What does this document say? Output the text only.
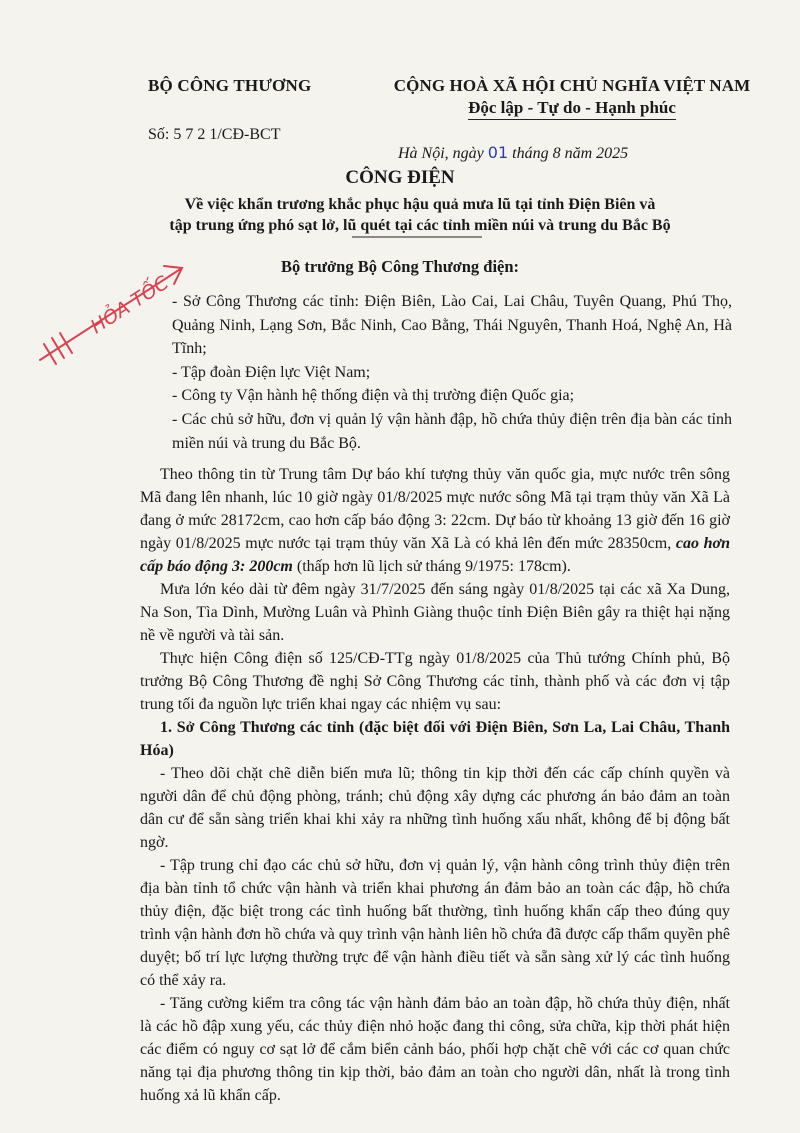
BỘ CÔNG THƯƠNG
Số: 5 7 2 1/CĐ-BCT
CỘNG HOÀ XÃ HỘI CHỦ NGHĨA VIỆT NAM
Độc lập - Tự do - Hạnh phúc
Hà Nội, ngày 01 tháng 8 năm 2025
CÔNG ĐIỆN
Về việc khẩn trương khắc phục hậu quả mưa lũ tại tỉnh Điện Biên và
tập trung ứng phó sạt lở, lũ quét tại các tỉnh miền núi và trung du Bắc Bộ
HỎA TỐC
Bộ trưởng Bộ Công Thương điện:

- Sở Công Thương các tỉnh: Điện Biên, Lào Cai, Lai Châu, Tuyên Quang, Phú Thọ, Quảng Ninh, Lạng Sơn, Bắc Ninh, Cao Bằng, Thái Nguyên, Thanh Hoá, Nghệ An, Hà Tĩnh;

- Tập đoàn Điện lực Việt Nam;

- Công ty Vận hành hệ thống điện và thị trường điện Quốc gia;

- Các chủ sở hữu, đơn vị quản lý vận hành đập, hồ chứa thủy điện trên địa bàn các tỉnh miền núi và trung du Bắc Bộ.

Theo thông tin từ Trung tâm Dự báo khí tượng thủy văn quốc gia, mực nước trên sông Mã đang lên nhanh, lúc 10 giờ ngày 01/8/2025 mực nước sông Mã tại trạm thủy văn Xã Là đang ở mức 28172cm, cao hơn cấp báo động 3: 22cm. Dự báo từ khoảng 13 giờ đến 16 giờ ngày 01/8/2025 mực nước tại trạm thủy văn Xã Là có khả lên đến mức 28350cm, cao hơn cấp báo động 3: 200cm (thấp hơn lũ lịch sử tháng 9/1975: 178cm).

Mưa lớn kéo dài từ đêm ngày 31/7/2025 đến sáng ngày 01/8/2025 tại các xã Xa Dung, Na Son, Tìa Dình, Mường Luân và Phình Giàng thuộc tỉnh Điện Biên gây ra thiệt hại nặng nề về người và tài sản.

Thực hiện Công điện số 125/CĐ-TTg ngày 01/8/2025 của Thủ tướng Chính phủ, Bộ trưởng Bộ Công Thương đề nghị Sở Công Thương các tỉnh, thành phố và các đơn vị tập trung tối đa nguồn lực triển khai ngay các nhiệm vụ sau:

1. Sở Công Thương các tỉnh (đặc biệt đối với Điện Biên, Sơn La, Lai Châu, Thanh Hóa)

- Theo dõi chặt chẽ diễn biến mưa lũ; thông tin kịp thời đến các cấp chính quyền và người dân để chủ động phòng, tránh; chủ động xây dựng các phương án bảo đảm an toàn dân cư để sẵn sàng triển khai khi xảy ra những tình huống xấu nhất, không để bị động bất ngờ.

- Tập trung chỉ đạo các chủ sở hữu, đơn vị quản lý, vận hành công trình thủy điện trên địa bàn tỉnh tổ chức vận hành và triển khai phương án đảm bảo an toàn các đập, hồ chứa thủy điện, đặc biệt trong các tình huống bất thường, tình huống khẩn cấp theo đúng quy trình vận hành đơn hồ chứa và quy trình vận hành liên hồ chứa đã được cấp thẩm quyền phê duyệt; bố trí lực lượng thường trực để vận hành điều tiết và sẵn sàng xử lý các tình huống có thể xảy ra.

- Tăng cường kiểm tra công tác vận hành đảm bảo an toàn đập, hồ chứa thủy điện, nhất là các hồ đập xung yếu, các thủy điện nhỏ hoặc đang thi công, sửa chữa, kịp thời phát hiện các điểm có nguy cơ sạt lở để cắm biển cảnh báo, phối hợp chặt chẽ với các cơ quan chức năng tại địa phương thông tin kịp thời, bảo đảm an toàn cho người dân, nhất là trong tình huống xả lũ khẩn cấp.
